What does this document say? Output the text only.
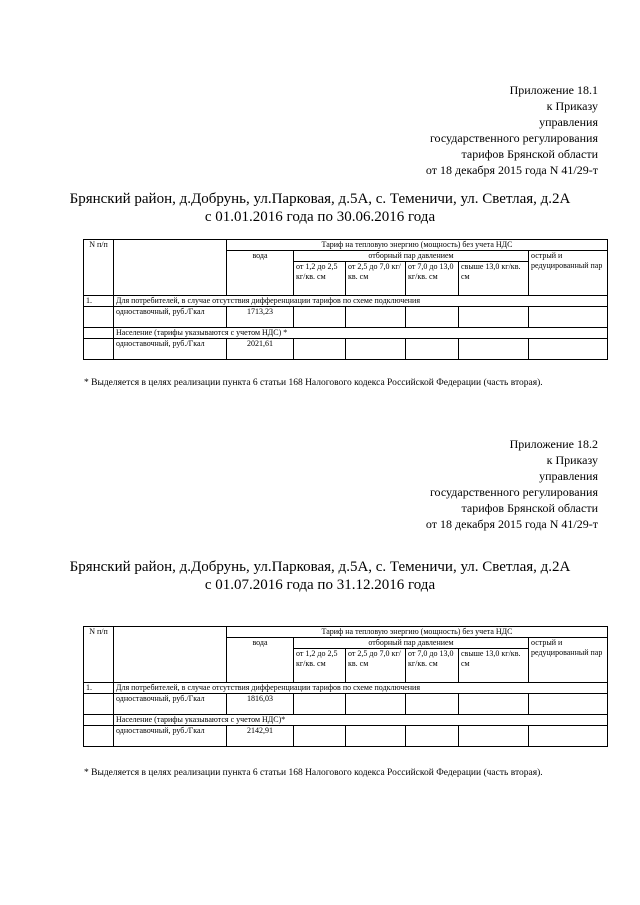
Приложение 18.1
к Приказу
управления
государственного регулирования
тарифов Брянской области
от 18 декабря 2015 года N 41/29-т
Брянский район, д.Добрунь, ул.Парковая, д.5А, с. Теменичи, ул. Светлая, д.2А
с 01.01.2016 года по 30.06.2016 года
N п/п		Тариф на тепловую энергию (мощность) без учета НДС					
		вода	отборный пар давлением				острый и редуцированный пар
			от 1,2 до 2,5 кг/кв. см	от 2,5 до 7,0 кг/кв. см	от 7,0 до 13,0 кг/кв. см	свыше 13,0 кг/кв. см	
1.	Для потребителей, в случае отсутствия дифференциации тарифов по схеме подключения						
	одноставочный, руб./Гкал	1713,23					
	Население (тарифы указываются с учетом НДС) *						
	одноставочный, руб./Гкал	2021,61					
* Выделяется в целях реализации пункта 6 статьи 168 Налогового кодекса Российской Федерации (часть вторая).
Приложение 18.2
к Приказу
управления
государственного регулирования
тарифов Брянской области
от 18 декабря 2015 года N 41/29-т
Брянский район, д.Добрунь, ул.Парковая, д.5А, с. Теменичи, ул. Светлая, д.2А
с 01.07.2016 года по 31.12.2016 года
N п/п		Тариф на тепловую энергию (мощность) без учета НДС					
		вода	отборный пар давлением				острый и редуцированный пар
			от 1,2 до 2,5 кг/кв. см	от 2,5 до 7,0 кг/кв. см	от 7,0 до 13,0 кг/кв. см	свыше 13,0 кг/кв. см	
1.	Для потребителей, в случае отсутствия дифференциации тарифов по схеме подключения						
	одноставочный, руб./Гкал	1816,03					
	Население (тарифы указываются с учетом НДС)*						
	одноставочный, руб./Гкал	2142,91					
* Выделяется в целях реализации пункта 6 статьи 168 Налогового кодекса Российской Федерации (часть вторая).
